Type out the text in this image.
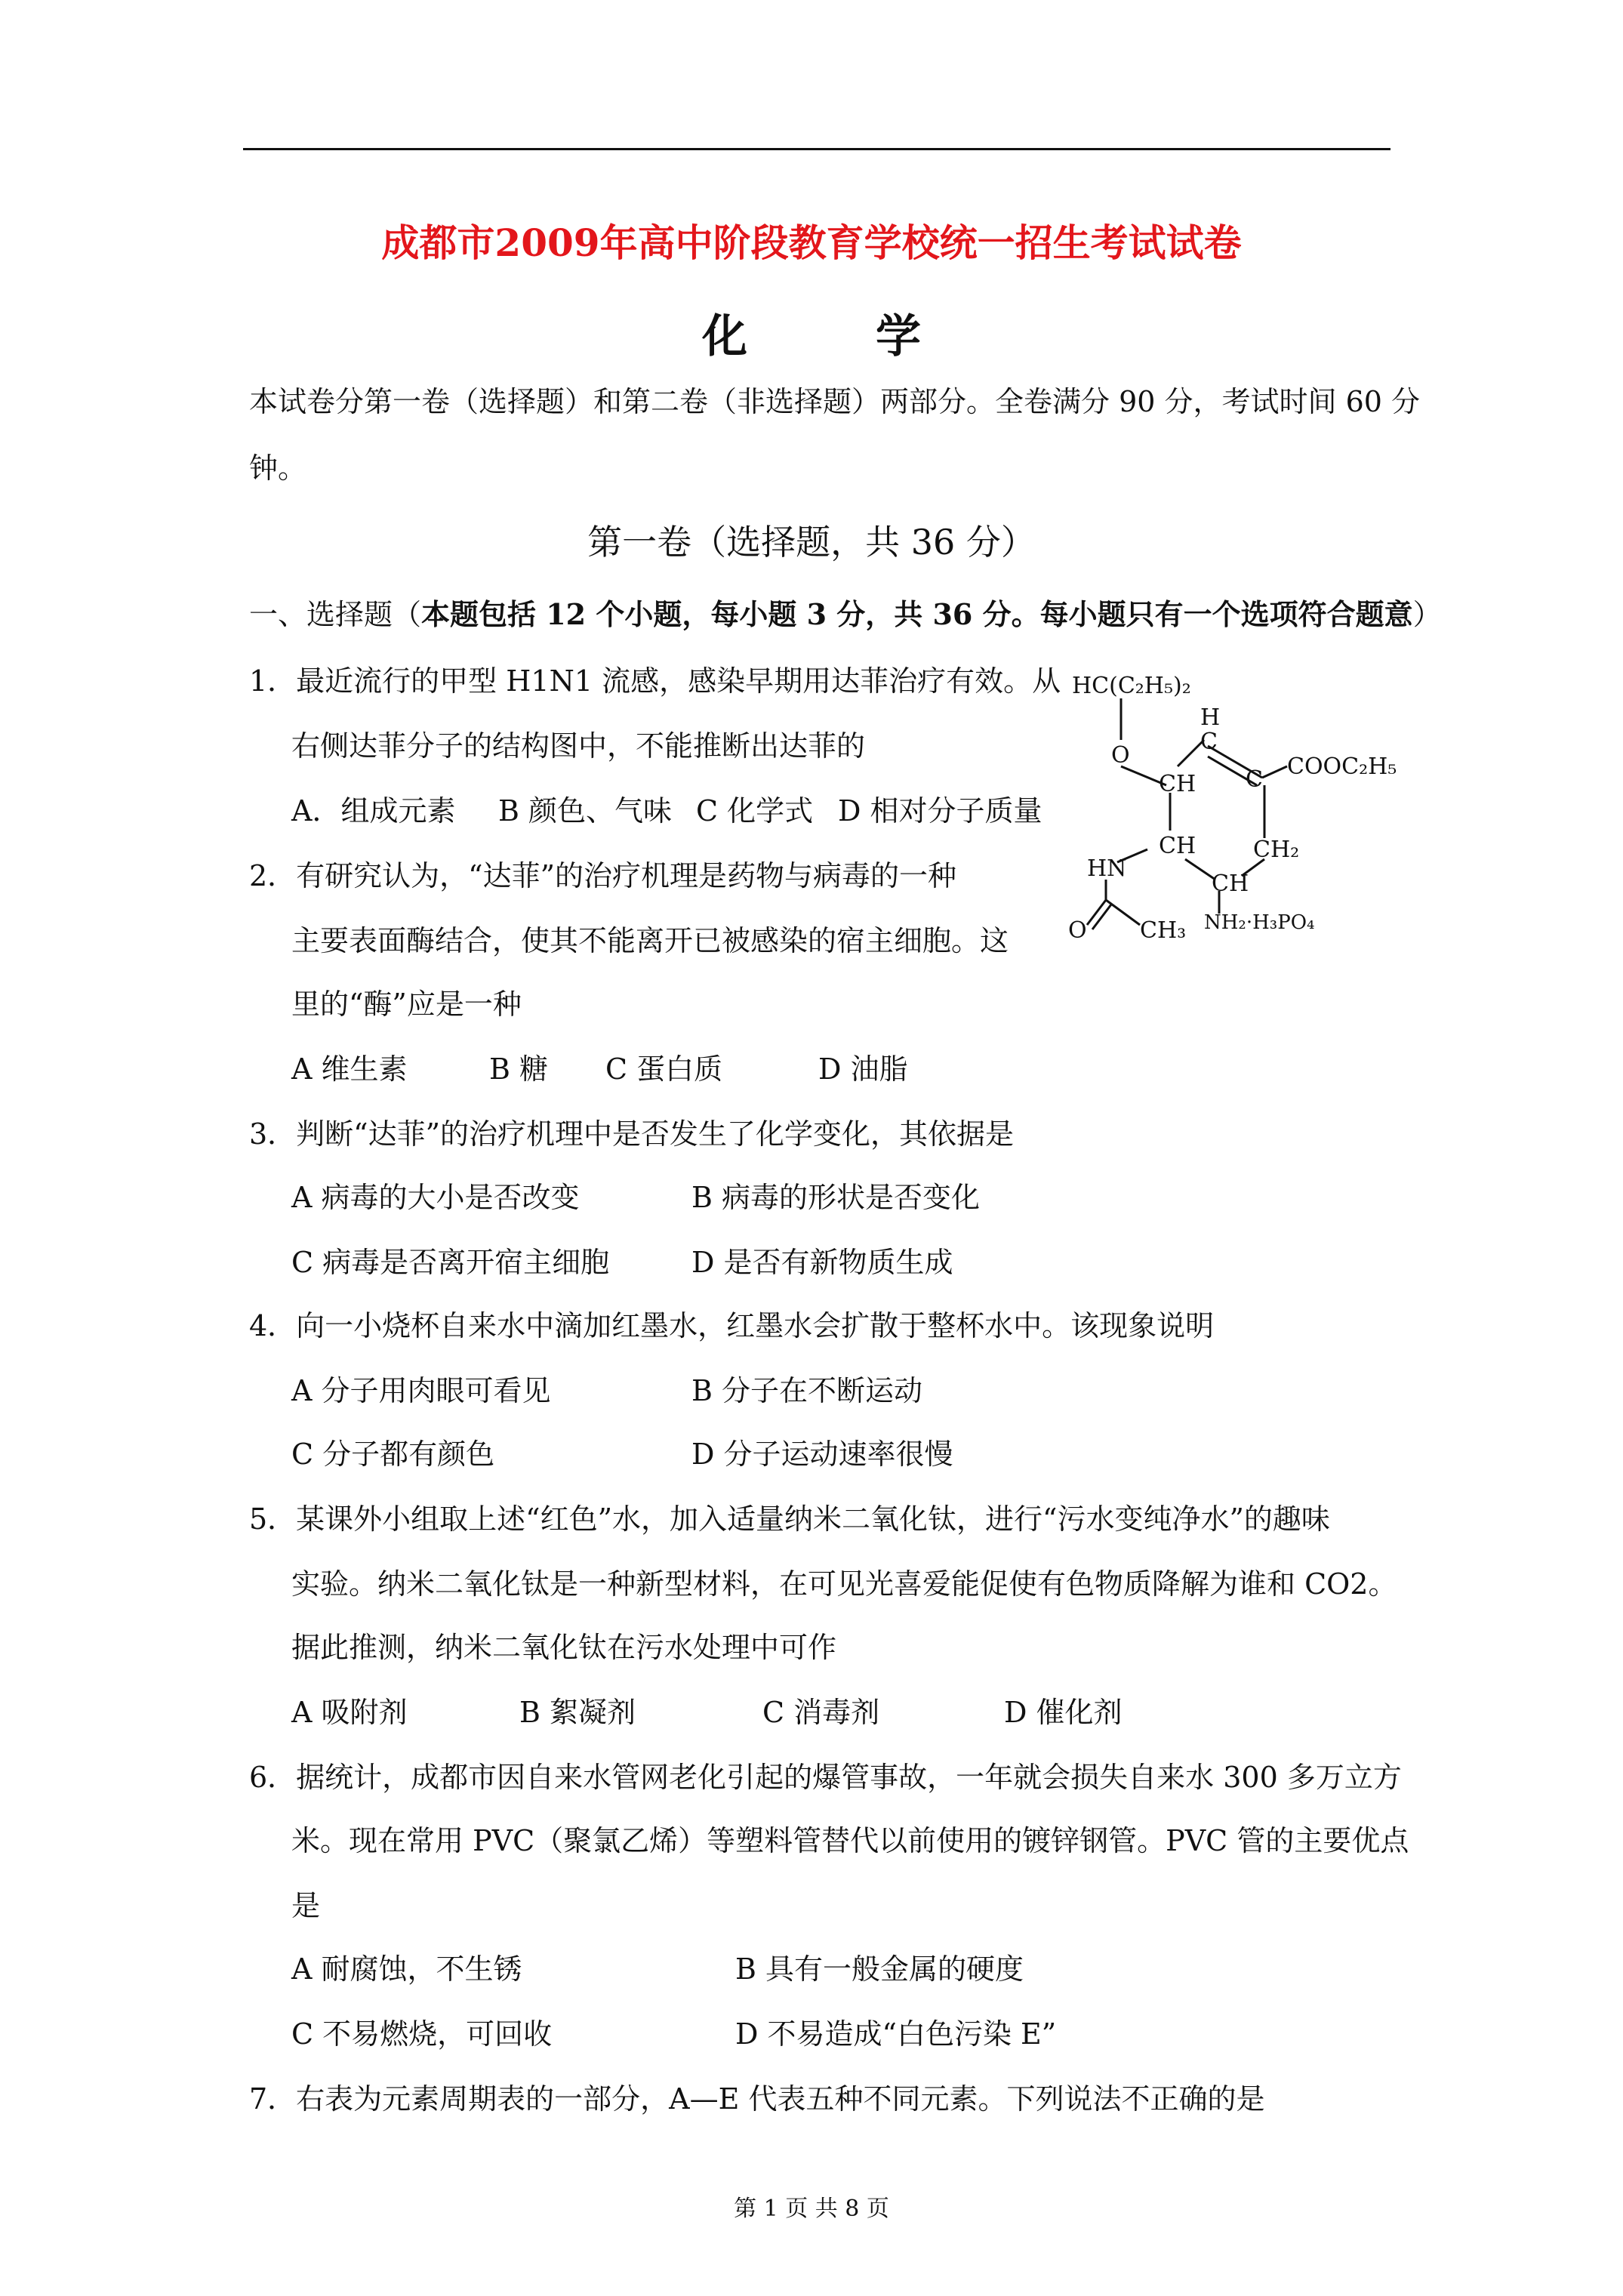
成都市2009年高中阶段教育学校统一招生考试试卷
化学
本试卷分第一卷（选择题）和第二卷（非选择题）两部分。全卷满分 90 分，考试时间 60 分
钟。
第一卷（选择题，共 36 分）
一、选择题（本题包括 12 个小题，每小题 3 分，共 36 分。每小题只有一个选项符合题意）
1．最近流行的甲型 H1N1 流感，感染早期用达菲治疗有效。从
右侧达菲分子的结构图中，不能推断出达菲的
A．组成元素 B 颜色、气味 C 化学式 D 相对分子质量
2．有研究认为，“达菲”的治疗机理是药物与病毒的一种
主要表面酶结合，使其不能离开已被感染的宿主细胞。这
里的“酶”应是一种
A 维生素	B 糖 C 蛋白质	D 油脂
3．判断“达菲”的治疗机理中是否发生了化学变化，其依据是
A 病毒的大小是否改变	B 病毒的形状是否变化
C 病毒是否离开宿主细胞	D 是否有新物质生成
4．向一小烧杯自来水中滴加红墨水，红墨水会扩散于整杯水中。该现象说明
A 分子用肉眼可看见	B 分子在不断运动
C 分子都有颜色	D 分子运动速率很慢
5．某课外小组取上述“红色”水，加入适量纳米二氧化钛，进行“污水变纯净水”的趣味
实验。纳米二氧化钛是一种新型材料，在可见光喜爱能促使有色物质降解为谁和 CO2。
据此推测，纳米二氧化钛在污水处理中可作
A 吸附剂	B 絮凝剂	C 消毒剂	D 催化剂
6．据统计，成都市因自来水管网老化引起的爆管事故，一年就会损失自来水 300 多万立方
米。现在常用 PVC（聚氯乙烯）等塑料管替代以前使用的镀锌钢管。PVC 管的主要优点
是
A 耐腐蚀，不生锈	B 具有一般金属的硬度
C 不易燃烧，可回收	D 不易造成“白色污染 E”
7．右表为元素周期表的一部分，A—E 代表五种不同元素。下列说法不正确的是
第 1 页 共 8 页
HC(C₂H₅)₂
O
CH
H
C
C COOC₂H₅
CH
CH
CH₂
HN
O CH₃ NH₂·H₃PO₄
